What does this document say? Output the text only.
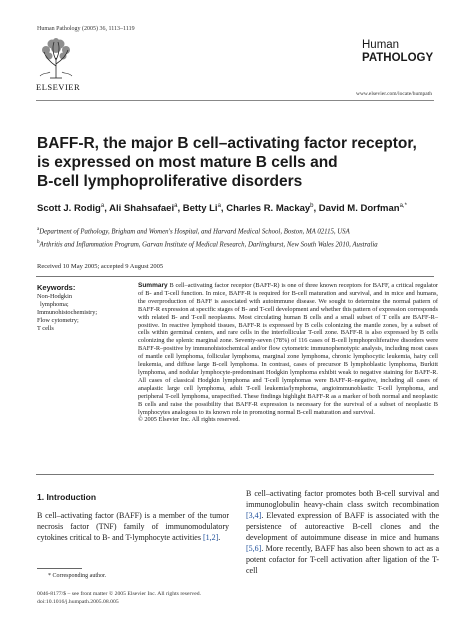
Human Pathology (2005) 36, 1113–1119
ELSEVIER
Human
PATHOLOGY
www.elsevier.com/locate/humpath
BAFF-R, the major B cell–activating factor receptor,
is expressed on most mature B cells and
B-cell lymphoproliferative disorders
Scott J. Rodig$^a$, Ali Shahsafaei$^a$, Betty Li$^a$, Charles R. Mackay$^b$, David M. Dorfman$^{a,*}$
$^a$Department of Pathology, Brigham and Women's Hospital, and Harvard Medical School, Boston, MA 02115, USA
$^b$Arthritis and Inflammation Program, Garvan Institute of Medical Research, Darlinghurst, New South Wales 2010, Australia
Received 10 May 2005; accepted 9 August 2005
Keywords:
Non-Hodgkin
lymphoma;
Immunohistochemistry;
Flow cytometry;
T cells
Summary B cell–activating factor receptor (BAFF-R) is one of three known receptors for BAFF, a critical regulator of B- and T-cell function. In mice, BAFF-R is required for B-cell maturation and survival, and in mice and humans, the overproduction of BAFF is associated with autoimmune disease. We sought to determine the normal pattern of BAFF-R expression at specific stages of B- and T-cell development and whether this pattern of expression corresponds with related B- and T-cell neoplasms. Most circulating human B cells and a small subset of T cells are BAFF-R–positive. In reactive lymphoid tissues, BAFF-R is expressed by B cells colonizing the mantle zones, by a subset of cells within germinal centers, and rare cells in the interfollicular T-cell zone. BAFF-R is also expressed by B cells colonizing the splenic marginal zone. Seventy-seven (78%) of 116 cases of B-cell lymphoproliferative disorders were BAFF-R–positive by immunohistochemical and/or flow cytometric immunophenotypic analysis, including most cases of mantle cell lymphoma, follicular lymphoma, marginal zone lymphoma, chronic lymphocytic leukemia, hairy cell leukemia, and diffuse large B-cell lymphoma. In contrast, cases of precursor B lymphoblastic lymphoma, Burkitt lymphoma, and nodular lymphocyte-predominant Hodgkin lymphoma exhibit weak to negative staining for BAFF-R. All cases of classical Hodgkin lymphoma and T-cell lymphomas were BAFF-R–negative, including all cases of anaplastic large cell lymphoma, adult T-cell leukemia/lymphoma, angioimmunoblastic T-cell lymphoma, and peripheral T-cell lymphoma, unspecified. These findings highlight BAFF-R as a marker of both normal and neoplastic B cells and raise the possibility that BAFF-R expression is necessary for the survival of a subset of neoplastic B lymphocytes analogous to its known role in promoting normal B-cell maturation and survival.
© 2005 Elsevier Inc. All rights reserved.
1. Introduction
B cell–activating factor (BAFF) is a member of the tumor necrosis factor (TNF) family of immunomodulatory cytokines critical to B- and T-lymphocyte activities [1,2].
B cell–activating factor promotes both B-cell survival and immunoglobulin heavy-chain class switch recombination [3,4]. Elevated expression of BAFF is associated with the persistence of autoreactive B-cell clones and the development of autoimmune disease in mice and humans [5,6]. More recently, BAFF has also been shown to act as a potent cofactor for T-cell activation after ligation of the T-cell
* Corresponding author.
0046-8177/$ – see front matter © 2005 Elsevier Inc. All rights reserved.
doi:10.1016/j.humpath.2005.08.005
